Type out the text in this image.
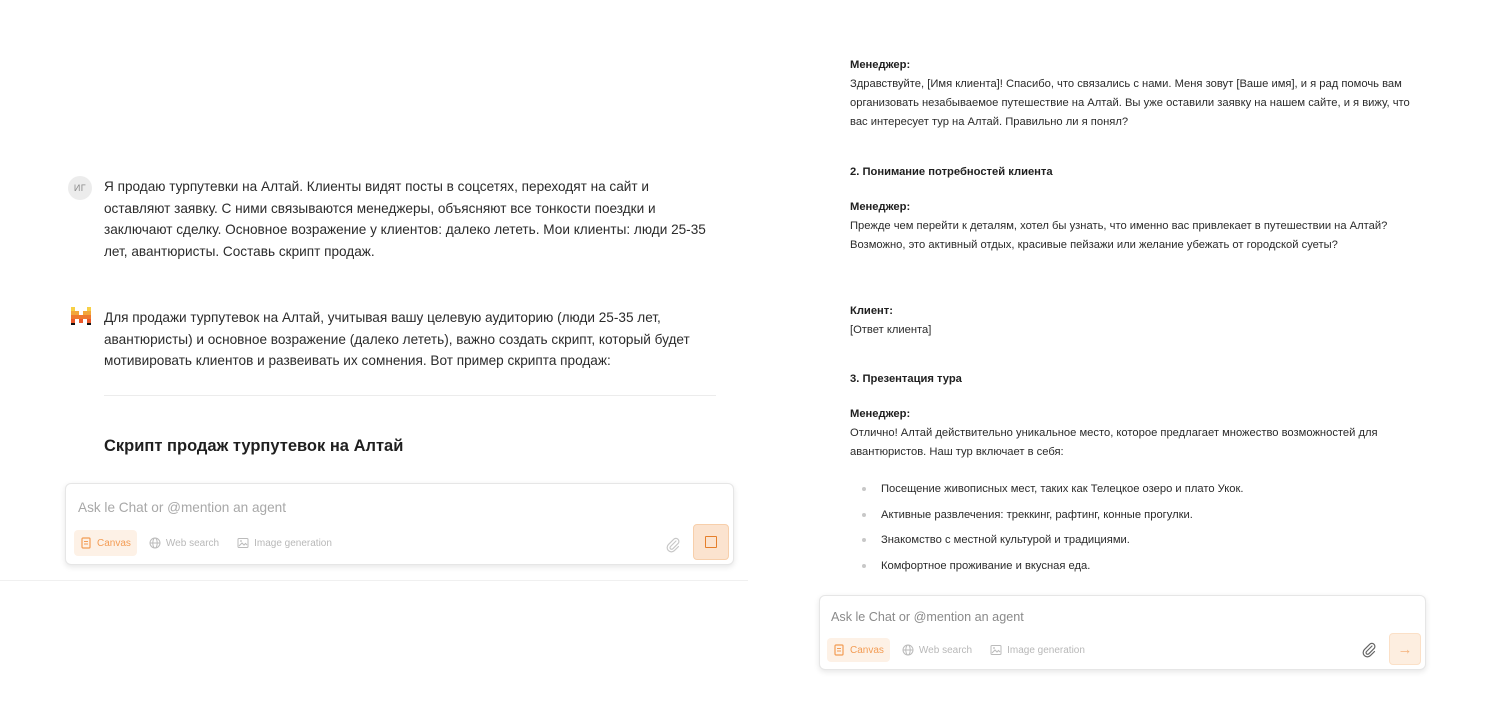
ИГ	Я продаю турпутевки на Алтай. Клиенты видят посты в соцсетях, переходят на сайт и оставляют заявку. С ними связываются менеджеры, объясняют все тонкости поездки и заключают сделку. Основное возражение у клиентов: далеко лететь. Мои клиенты: люди 25-35 лет, авантюристы. Составь скрипт продаж.
Для продажи турпутевок на Алтай, учитывая вашу целевую аудиторию (люди 25-35 лет, авантюристы) и основное возражение (далеко лететь), важно создать скрипт, который будет мотивировать клиентов и развеивать их сомнения. Вот пример скрипта продаж:
Скрипт продаж турпутевок на Алтай
Ask le Chat or @mention an agent
Canvas	Web search	Image generation
Менеджер:
Здравствуйте, [Имя клиента]! Спасибо, что связались с нами. Меня зовут [Ваше имя], и я рад помочь вам организовать незабываемое путешествие на Алтай. Вы уже оставили заявку на нашем сайте, и я вижу, что вас интересует тур на Алтай. Правильно ли я понял?
2. Понимание потребностей клиента
Менеджер:
Прежде чем перейти к деталям, хотел бы узнать, что именно вас привлекает в путешествии на Алтай? Возможно, это активный отдых, красивые пейзажи или желание убежать от городской суеты?
Клиент:
[Ответ клиента]
3. Презентация тура
Менеджер:
Отлично! Алтай действительно уникальное место, которое предлагает множество возможностей для авантюристов. Наш тур включает в себя:
Посещение живописных мест, таких как Телецкое озеро и плато Укок.
Активные развлечения: треккинг, рафтинг, конные прогулки.
Знакомство с местной культурой и традициями.
Комфортное проживание и вкусная еда.
Ask le Chat or @mention an agent
Canvas	Web search	Image generation	→
